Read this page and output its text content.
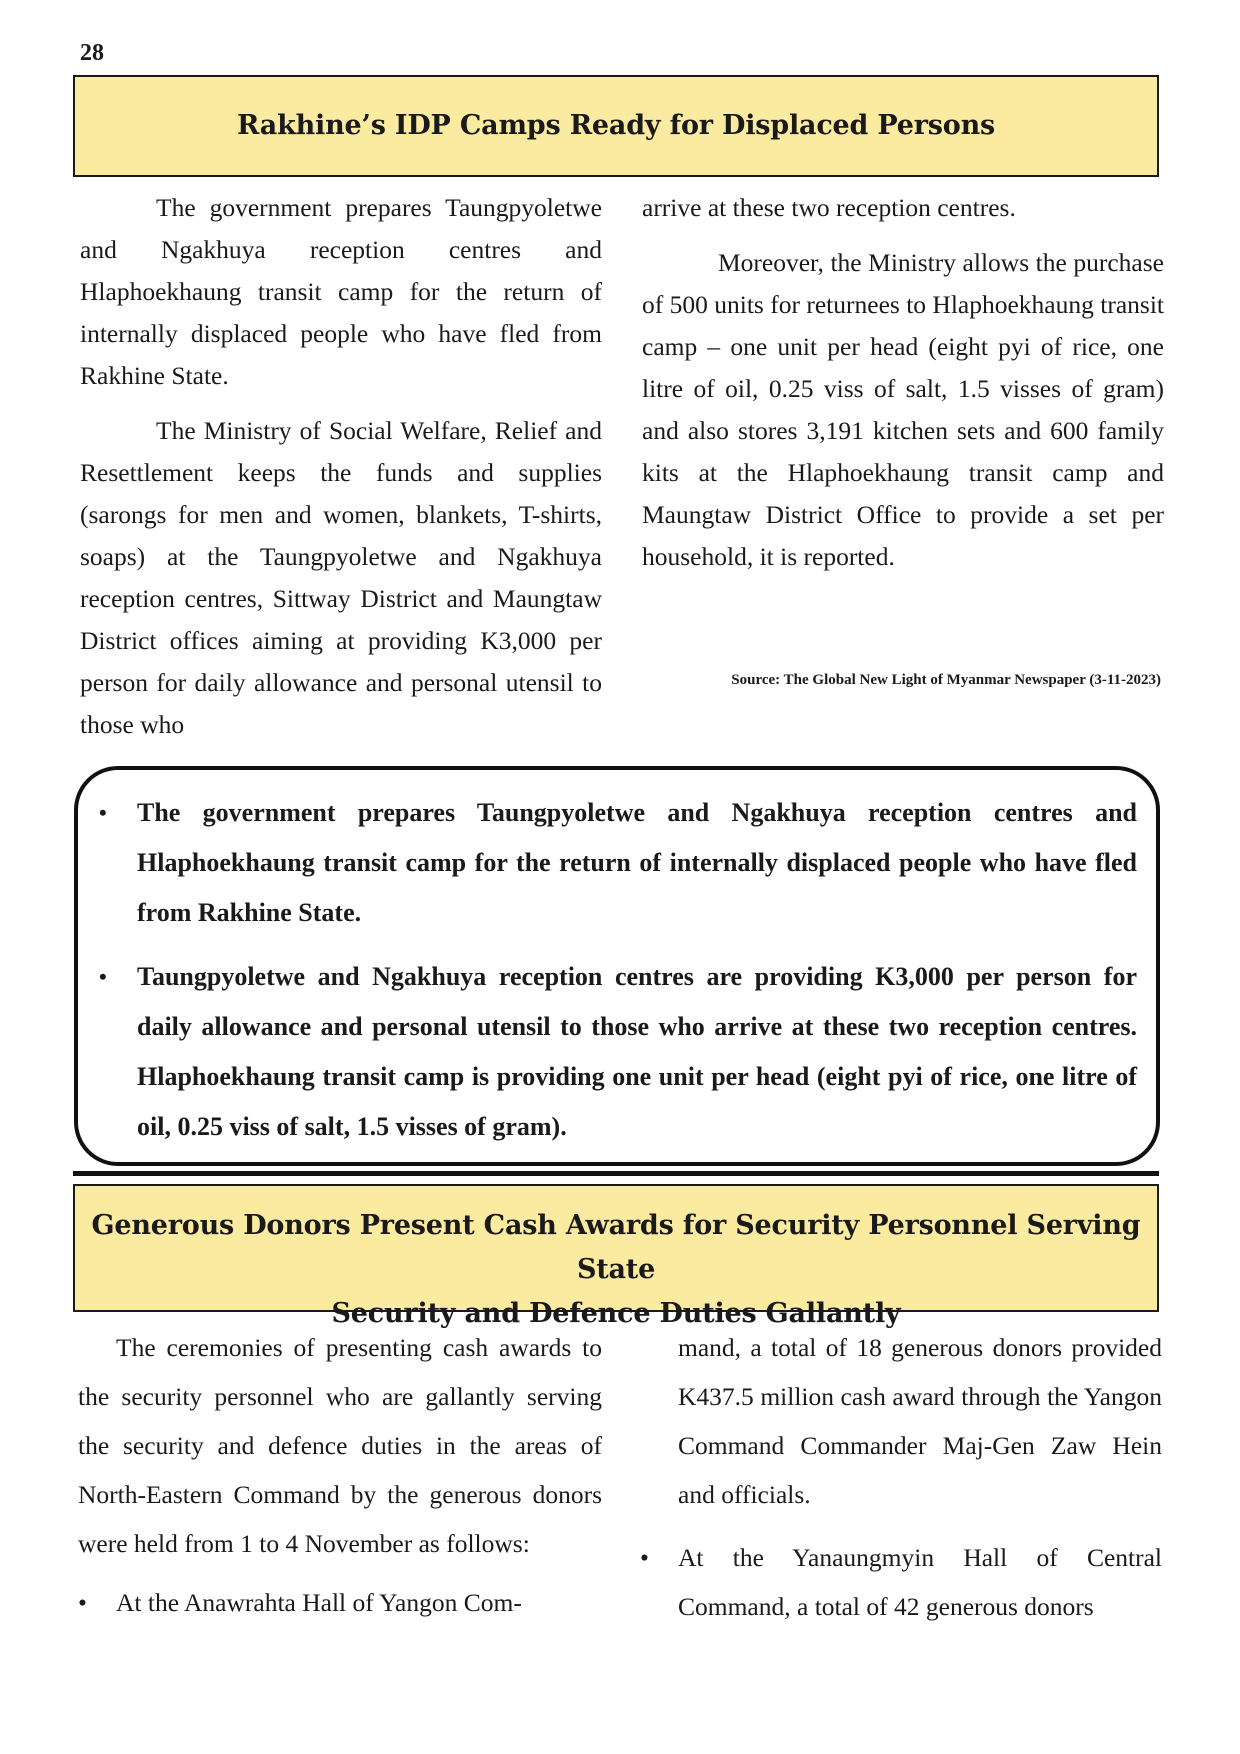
28
Rakhine’s IDP Camps Ready for Displaced Persons

The government prepares Taungpyoletwe and Ngakhuya reception centres and Hlaphoekhaung transit camp for the return of internally displaced people who have fled from Rakhine State.

The Ministry of Social Welfare, Relief and Resettlement keeps the funds and supplies (sarongs for men and women, blankets, T-shirts, soaps) at the Taungpyoletwe and Ngakhuya reception centres, Sittway District and Maungtaw District offices aiming at providing K3,000 per person for daily allowance and personal utensil to those who

arrive at these two reception centres.

Moreover, the Ministry allows the purchase of 500 units for returnees to Hlaphoekhaung transit camp – one unit per head (eight pyi of rice, one litre of oil, 0.25 viss of salt, 1.5 visses of gram) and also stores 3,191 kitchen sets and 600 family kits at the Hlaphoekhaung transit camp and Maungtaw District Office to provide a set per household, it is reported.

Source: The Global New Light of Myanmar Newspaper (3-11-2023)
• The government prepares Taungpyoletwe and Ngakhuya reception centres and Hlaphoekhaung transit camp for the return of internally displaced people who have fled from Rakhine State.
• Taungpyoletwe and Ngakhuya reception centres are providing K3,000 per person for daily allowance and personal utensil to those who arrive at these two reception centres. Hlaphoekhaung transit camp is providing one unit per head (eight pyi of rice, one litre of oil, 0.25 viss of salt, 1.5 visses of gram).
Generous Donors Present Cash Awards for Security Personnel Serving State
Security and Defence Duties Gallantly

The ceremonies of presenting cash awards to the security personnel who are gallantly serving the security and defence duties in the areas of North-Eastern Command by the generous donors were held from 1 to 4 November as follows:

• At the Anawrahta Hall of Yangon Com-

mand, a total of 18 generous donors provided K437.5 million cash award through the Yangon Command Commander Maj-Gen Zaw Hein and officials.

• At the Yanaungmyin Hall of Central Command, a total of 42 generous donors
